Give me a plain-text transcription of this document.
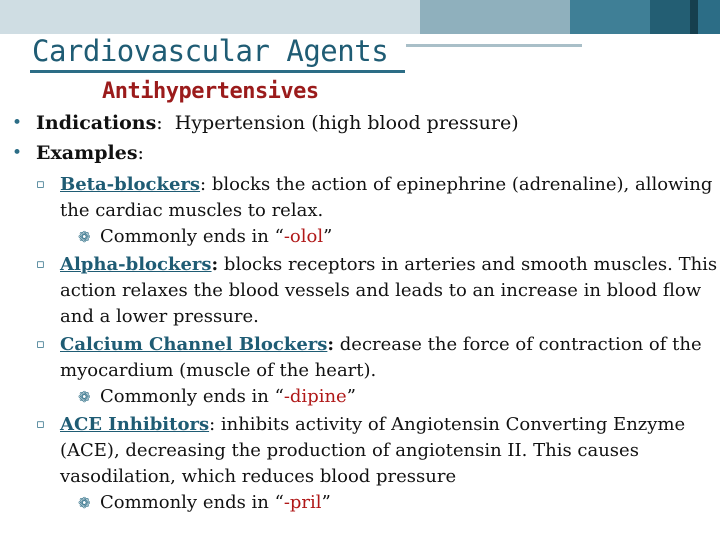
Cardiovascular Agents
Antihypertensives
• Indications:  Hypertension (high blood pressure)
• Examples:
▫ Beta-blockers: blocks the action of epinephrine (adrenaline), allowing the cardiac muscles to relax.
❁ Commonly ends in “-olol”
▫ Alpha-blockers: blocks receptors in arteries and smooth muscles. This action relaxes the blood vessels and leads to an increase in blood flow and a lower pressure.
▫ Calcium Channel Blockers: decrease the force of contraction of the myocardium (muscle of the heart).
❁ Commonly ends in “-dipine”
▫ ACE Inhibitors: inhibits activity of Angiotensin Converting Enzyme (ACE), decreasing the production of angiotensin II. This causes vasodilation, which reduces blood pressure
❁ Commonly ends in “-pril”
